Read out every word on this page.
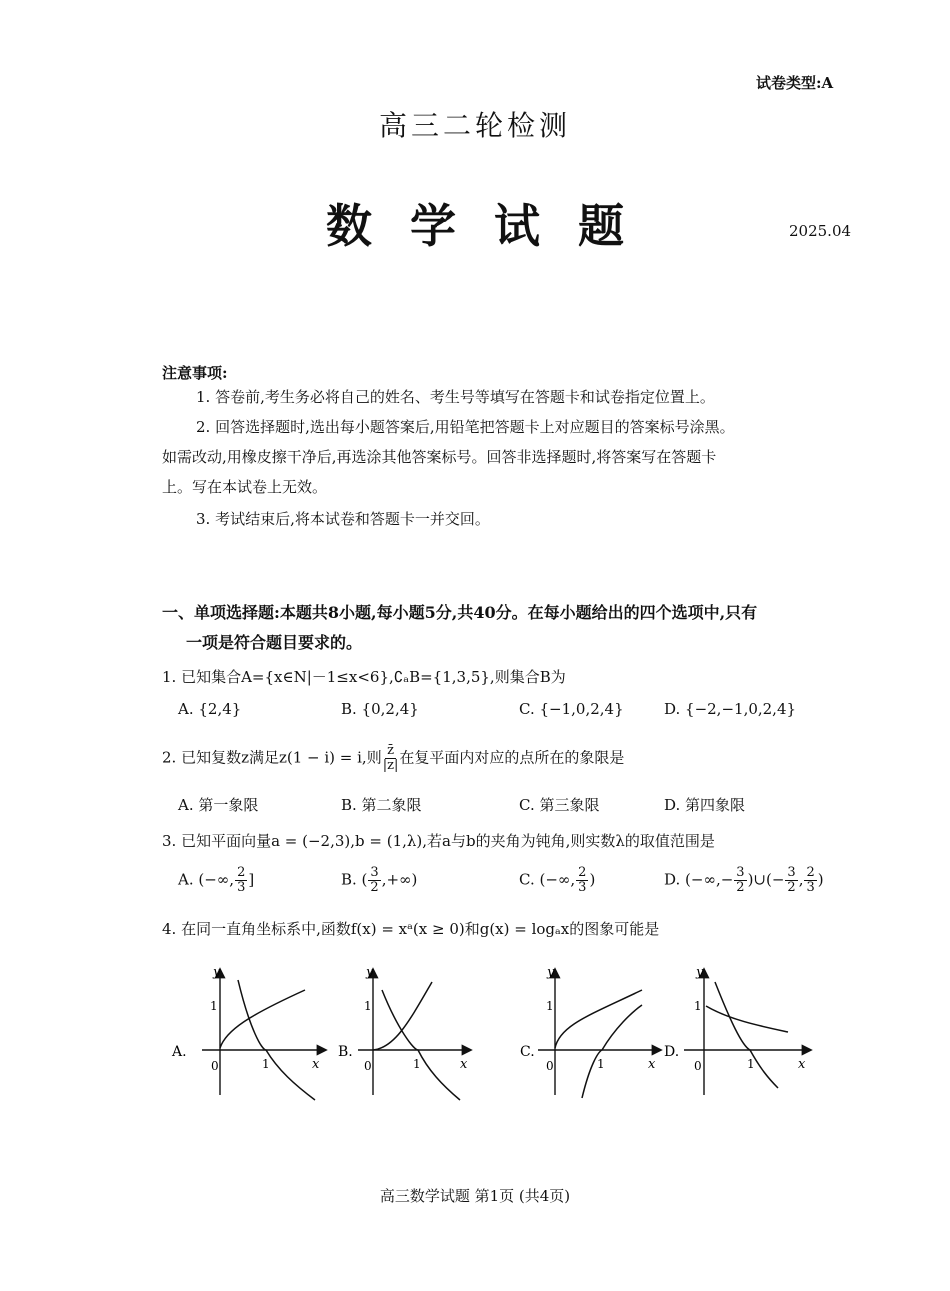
试卷类型:A
高三二轮检测
数学试题	2025.04
注意事项:
1. 答卷前,考生务必将自己的姓名、考生号等填写在答题卡和试卷指定位置上。
2. 回答选择题时,选出每小题答案后,用铅笔把答题卡上对应题目的答案标号涂黑。
如需改动,用橡皮擦干净后,再选涂其他答案标号。回答非选择题时,将答案写在答题卡
上。写在本试卷上无效。
3. 考试结束后,将本试卷和答题卡一并交回。
一、单项选择题:本题共8小题,每小题5分,共40分。在每小题给出的四个选项中,只有
一项是符合题目要求的。
1. 已知集合A={x∈N|－1≤x<6},∁ₐB={1,3,5},则集合B为
A. {2,4}	B. {0,2,4}	C. {−1,0,2,4}	D. {−2,−1,0,2,4}
2. 已知复数z满足z(1 − i) = i,则 $\frac{z̄}{|z|}$ 在复平面内对应的点所在的象限是
A. 第一象限	B. 第二象限	C. 第三象限	D. 第四象限
3. 已知平面向量a = (−2,3),b = (1,λ),若a与b的夹角为钝角,则实数λ的取值范围是
A. (−∞, $\frac{2}{3}$ ]	B. ( $\frac{3}{2}$ ,+∞)	C. (−∞, $\frac{2}{3}$ )	D. (−∞,− $\frac{3}{2}$ )∪(− $\frac{3}{2}$ , $\frac{2}{3}$ )
4. 在同一直角坐标系中,函数f(x) = xᵃ(x ≥ 0)和g(x) = logₐx的图象可能是
A.
y
x
0
1
1
B.
y
x
0
1
1
C.
y
x
0
1
1
D.
y
x
0
1
1
高三数学试题 第1页 (共4页)
